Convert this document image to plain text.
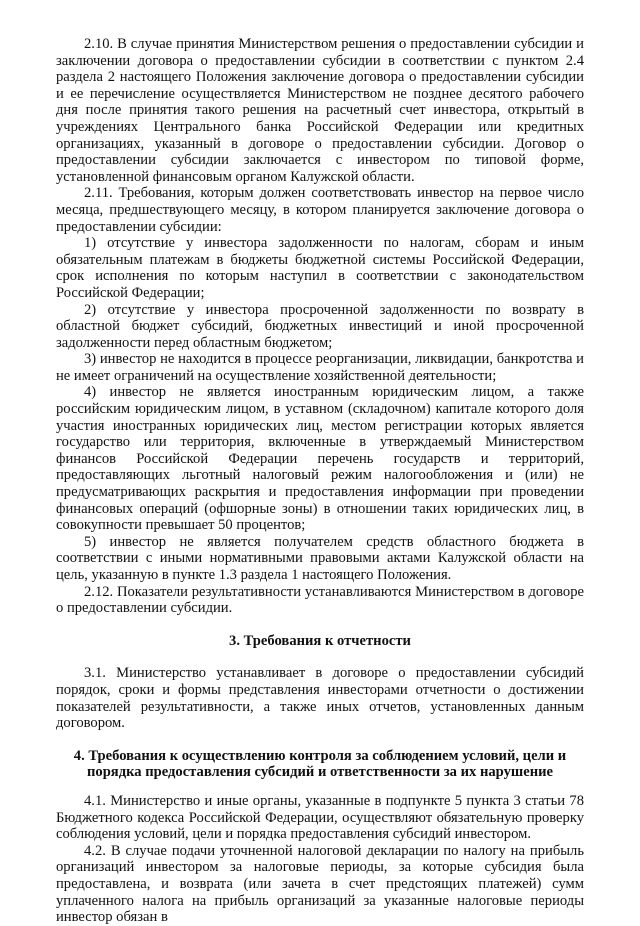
2.10. В случае принятия Министерством решения о предоставлении субсидии и заключении договора о предоставлении субсидии в соответствии с пунктом 2.4 раздела 2 настоящего Положения заключение договора о предоставлении субсидии и ее перечисление осуществляется Министерством не позднее десятого рабочего дня после принятия такого решения на расчетный счет инвестора, открытый в учреждениях Центрального банка Российской Федерации или кредитных организациях, указанный в договоре о предоставлении субсидии. Договор о предоставлении субсидии заключается с инвестором по типовой форме, установленной финансовым органом Калужской области.

2.11. Требования, которым должен соответствовать инвестор на первое число месяца, предшествующего месяцу, в котором планируется заключение договора о предоставлении субсидии:

1) отсутствие у инвестора задолженности по налогам, сборам и иным обязательным платежам в бюджеты бюджетной системы Российской Федерации, срок исполнения по которым наступил в соответствии с законодательством Российской Федерации;

2) отсутствие у инвестора просроченной задолженности по возврату в областной бюджет субсидий, бюджетных инвестиций и иной просроченной задолженности перед областным бюджетом;

3) инвестор не находится в процессе реорганизации, ликвидации, банкротства и не имеет ограничений на осуществление хозяйственной деятельности;

4) инвестор не является иностранным юридическим лицом, а также российским юридическим лицом, в уставном (складочном) капитале которого доля участия иностранных юридических лиц, местом регистрации которых является государство или территория, включенные в утверждаемый Министерством финансов Российской Федерации перечень государств и территорий, предоставляющих льготный налоговый режим налогообложения и (или) не предусматривающих раскрытия и предоставления информации при проведении финансовых операций (офшорные зоны) в отношении таких юридических лиц, в совокупности превышает 50 процентов;

5) инвестор не является получателем средств областного бюджета в соответствии с иными нормативными правовыми актами Калужской области на цель, указанную в пункте 1.3 раздела 1 настоящего Положения.

2.12. Показатели результативности устанавливаются Министерством в договоре о предоставлении субсидии.

3. Требования к отчетности

3.1. Министерство устанавливает в договоре о предоставлении субсидий порядок, сроки и формы представления инвесторами отчетности о достижении показателей результативности, а также иных отчетов, установленных данным договором.

4. Требования к осуществлению контроля за соблюдением условий, цели и

порядка предоставления субсидий и ответственности за их нарушение

4.1. Министерство и иные органы, указанные в подпункте 5 пункта 3 статьи 78 Бюджетного кодекса Российской Федерации, осуществляют обязательную проверку соблюдения условий, цели и порядка предоставления субсидий инвестором.

4.2. В случае подачи уточненной налоговой декларации по налогу на прибыль организаций инвестором за налоговые периоды, за которые субсидия была предоставлена, и возврата (или зачета в счет предстоящих платежей) сумм уплаченного налога на прибыль организаций за указанные налоговые периоды инвестор обязан в
